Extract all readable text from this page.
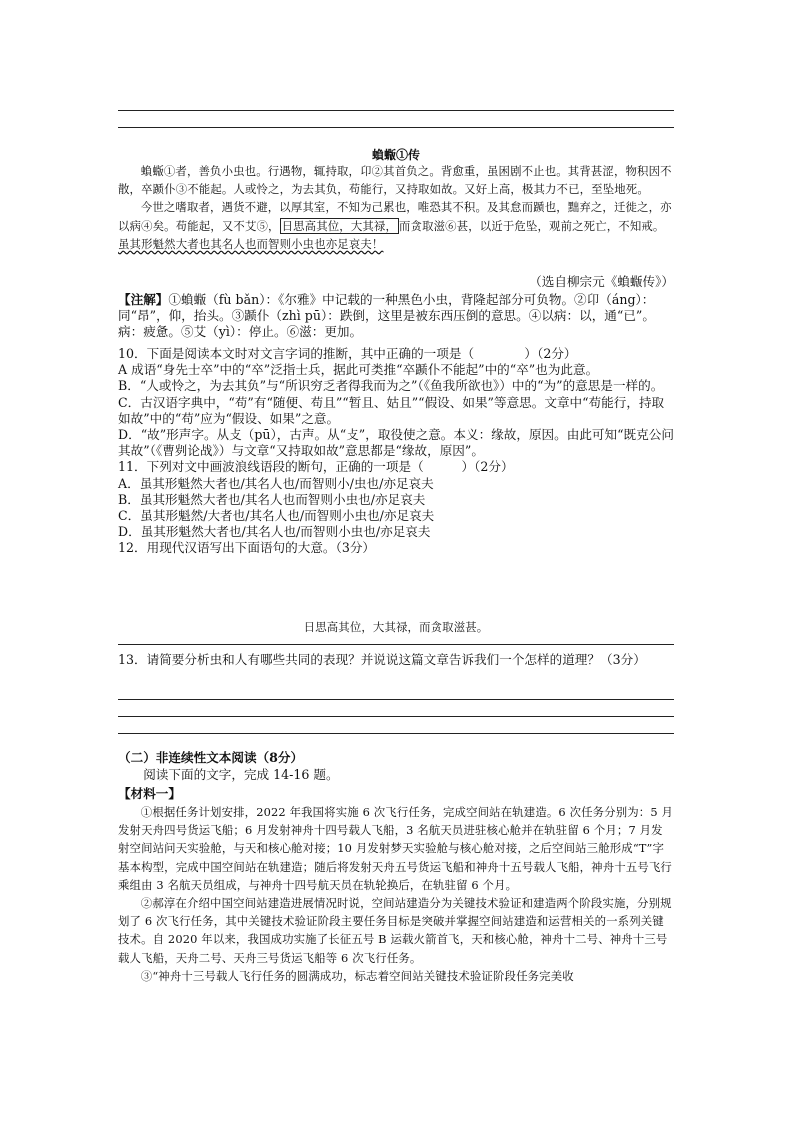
蝜蝂①传

蝜蝂①者，善负小虫也。行遇物，辄持取，卬②其首负之。背愈重，虽困剧不止也。其背甚涩，物积因不散，卒踬仆③不能起。人或怜之，为去其负，苟能行，又持取如故。又好上高，极其力不已，至坠地死。

今世之嗜取者，遇货不避，以厚其室，不知为己累也，唯恐其不积。及其怠而踬也，黜弃之，迁徙之，亦以病④矣。苟能起，又不艾⑤， 日思高其位，大其禄， 而贪取滋⑥甚，以近于危坠，观前之死亡，不知戒。虽其形魁然大者也其名人也而智则小虫也亦足哀夫！

（选自柳宗元《蝜蝂传》）

【注解】①蝜蝂（fù bǎn）：《尔雅》中记载的一种黑色小虫，背隆起部分可负物。②卬（áng）：同“昂”，仰，抬头。③踬仆（zhì pū）：跌倒，这里是被东西压倒的意思。④以病：以，通“已”。病：疲惫。⑤艾（yì）：停止。⑥滋：更加。

10．下面是阅读本文时对文言字词的推断，其中正确的一项是（　　　　）（2分）

A 成语“身先士卒”中的“卒”泛指士兵，据此可类推“卒踬仆不能起”中的“卒”也为此意。

B．“人或怜之，为去其负”与“所识穷乏者得我而为之”（《鱼我所欲也》）中的“为”的意思是一样的。

C．古汉语字典中，“苟”有“随便、苟且”“暂且、姑且”“假设、如果”等意思。文章中“苟能行，持取如故”中的“苟”应为“假设、如果”之意。

D．“故”形声字。从攴（pū），古声。从“攴”，取役使之意。本义：缘故，原因。由此可知“既克公问其故”（《曹刿论战》）与文章“又持取如故”意思都是“缘故，原因”。

11．下列对文中画波浪线语段的断句，正确的一项是（　　　）（2分）

A．虽其形魁然大者也/其名人也/而智则小/虫也/亦足哀夫

B．虽其形魁然大者也/其名人也而智则小虫也/亦足哀夫

C．虽其形魁然/大者也/其名人也/而智则小虫也/亦足哀夫

D．虽其形魁然大者也/其名人也/而智则小虫也/亦足哀夫

12．用现代汉语写出下面语句的大意。（3分）

日思高其位，大其禄，而贪取滋甚。
13．请简要分析虫和人有哪些共同的表现？并说说这篇文章告诉我们一个怎样的道理？（3分）
（二）非连续性文本阅读（8分）
阅读下面的文字，完成 14-16 题。
【材料一】

①根据任务计划安排，2022 年我国将实施 6 次飞行任务，完成空间站在轨建造。6 次任务分别为：5 月发射天舟四号货运飞船；6 月发射神舟十四号载人飞船，3 名航天员进驻核心舱并在轨驻留 6 个月；7 月发射空间站问天实验舱，与天和核心舱对接；10 月发射梦天实验舱与核心舱对接，之后空间站三舱形成“T”字基本构型，完成中国空间站在轨建造；随后将发射天舟五号货运飞船和神舟十五号载人飞船，神舟十五号飞行乘组由 3 名航天员组成，与神舟十四号航天员在轨轮换后，在轨驻留 6 个月。

②郝淳在介绍中国空间站建造进展情况时说，空间站建造分为关键技术验证和建造两个阶段实施，分别规划了 6 次飞行任务，其中关键技术验证阶段主要任务目标是突破并掌握空间站建造和运营相关的一系列关键技术。自 2020 年以来，我国成功实施了长征五号 B 运载火箭首飞，天和核心舱，神舟十二号、神舟十三号载人飞船，天舟二号、天舟三号货运飞船等 6 次飞行任务。

③“神舟十三号载人飞行任务的圆满成功，标志着空间站关键技术验证阶段任务完美收
